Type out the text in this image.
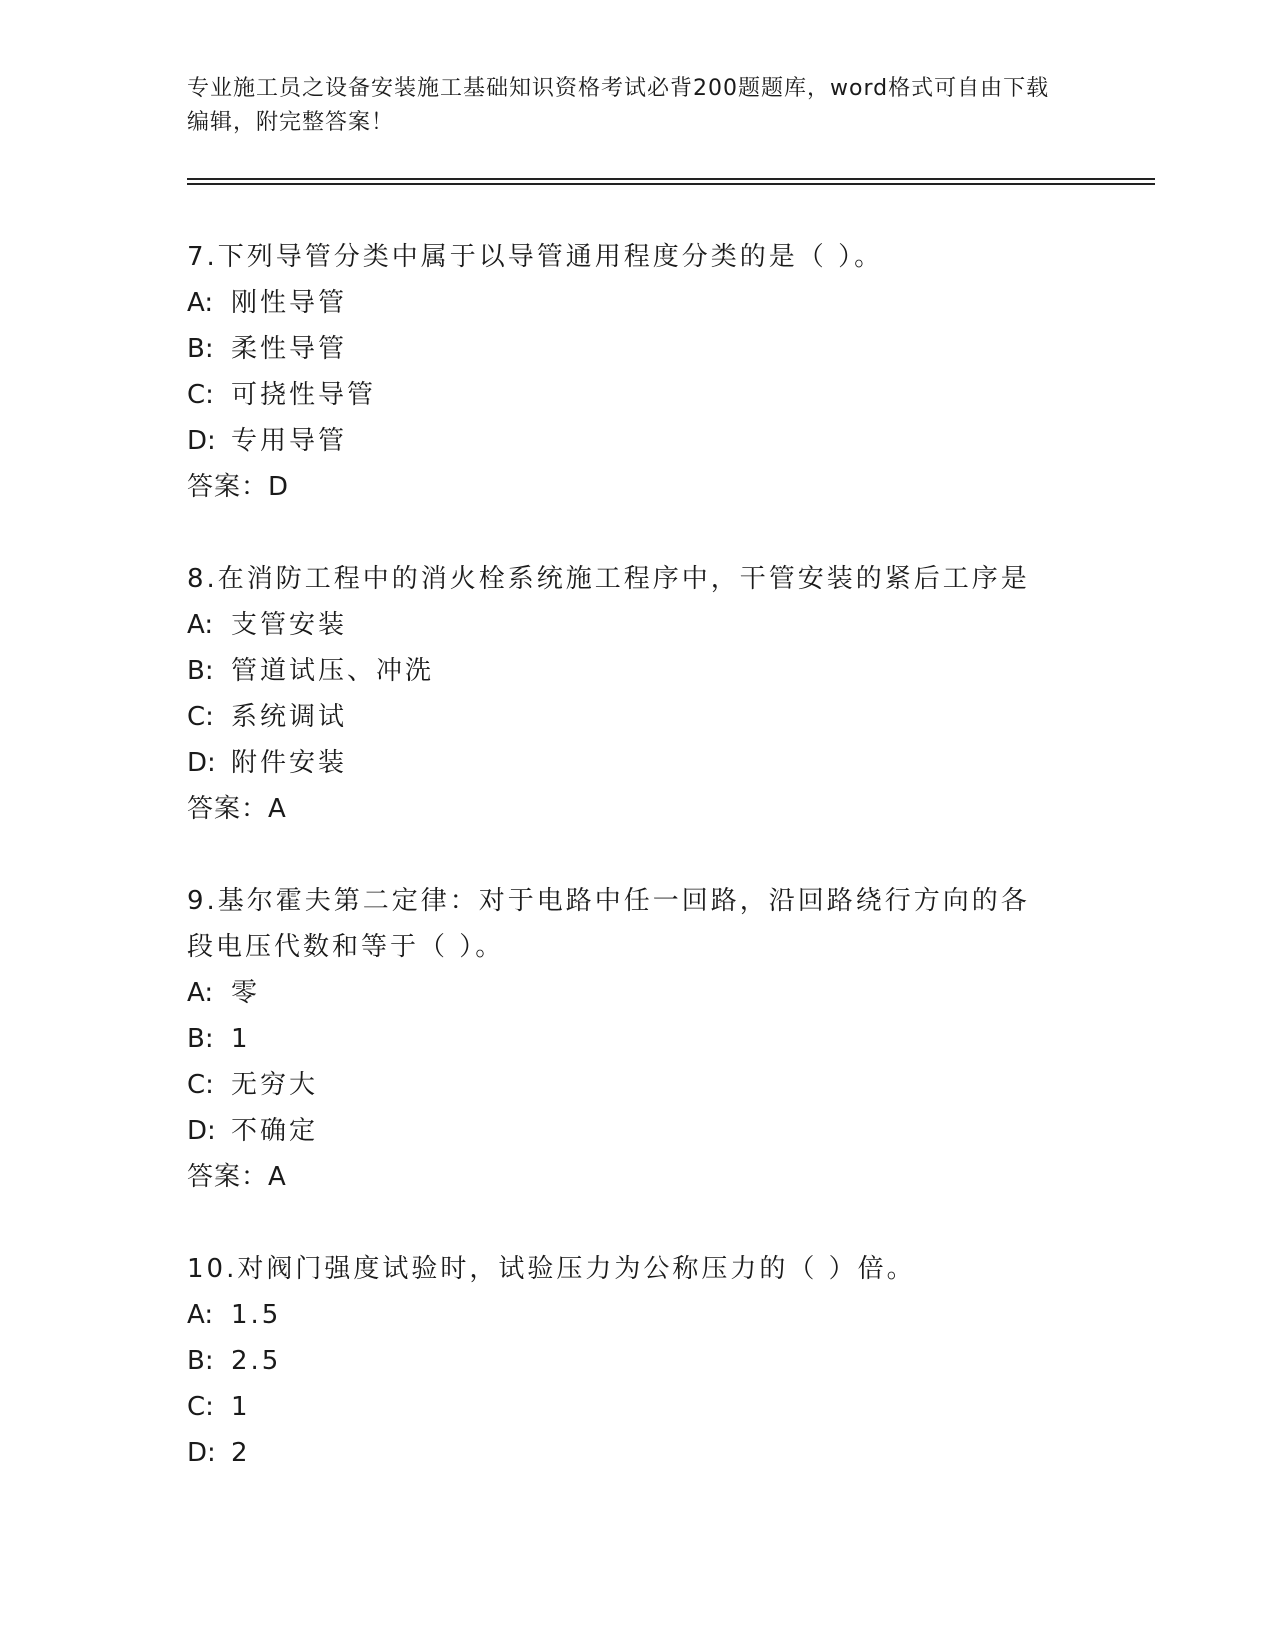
专业施工员之设备安装施工基础知识资格考试必背200题题库，word格式可自由下载编辑，附完整答案！

7.下列导管分类中属于以导管通用程度分类的是（ ）。

A: 刚性导管

B: 柔性导管

C: 可挠性导管

D: 专用导管

答案：D

8.在消防工程中的消火栓系统施工程序中，干管安装的紧后工序是

A: 支管安装

B: 管道试压、冲洗

C: 系统调试

D: 附件安装

答案：A

9.基尔霍夫第二定律：对于电路中任一回路，沿回路绕行方向的各段电压代数和等于（ ）。

A: 零

B: 1

C: 无穷大

D: 不确定

答案：A

10.对阀门强度试验时，试验压力为公称压力的（ ）倍。

A: 1.5

B: 2.5

C: 1

D: 2
